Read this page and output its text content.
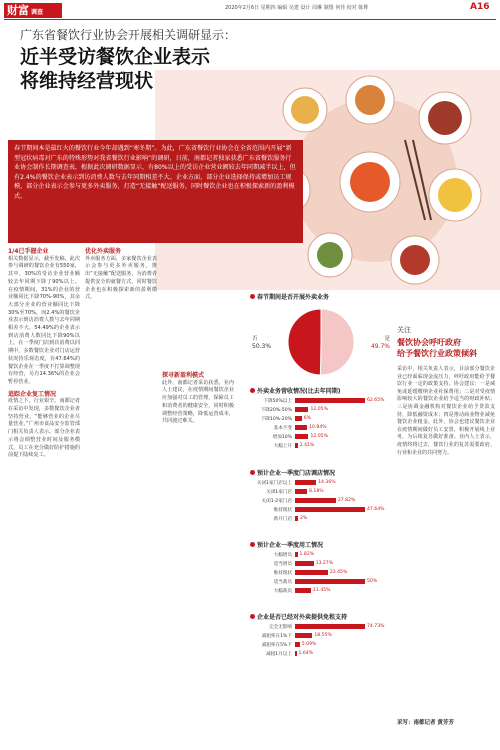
财富 调查
2020年2月6日 星期四 编辑 吴建 设计 周琳 制图 何佳 校对 陈桦	A16
广东省餐饮行业协会开展相关调研显示：
近半受访餐饮企业表示
将维持经营现状
春节期间本是最红火的餐饮行业今年却遇到“寒冬期”。为此，广东省餐饮行业协会在全省范围内开展“新型冠状病毒对广东的特殊形势对我省餐饮行业影响”的调研，日前，南都记者独家获悉广东省餐饮服务行业协会制作长期调查表，根据此次调研数据显示，有80%以上的受访企业营业额较去年同期减半以上，但有2.4%的餐饮企业表示到访消费人数与去年同期相差不大。企业方面，部分企业选择保持或增加员工规模，部分企业表示会参与更多外卖服务，打造“无接触”配送服务，同时餐饮企业也在积极探索新的盈利模式。
1/4已手握企业
相关数据显示，截至发稿，此次参与调研的餐饮企业有550家，其中，30%的受访企业营业额较去年同期下降了90%以上。在疫情期间，31%的企业的营业额同比下降70%-90%，其余大部分企业的营业额同比下降30%至70%，而2.4%的餐饮企业表示到访消费人数与去年同期相差不大。54.49%的企业表示到访消费人数同比下降90%以上，在一季度门店到店消费以同期中，多数餐饮企业对门店运营状况持乐观态度，有47.64%的餐饮企业在一季度不打算调整现有经营，另有14.36%的企业会暂停营业。
追踪企业复工情况
疫情之下，行业艰辛。南都记者在采访中发现，多数餐饮企业者坚持营业，“能够营业的企业尽量营业，”广州市食品安全监管部门相关负责人表示。部分企业表示将会调整营业时间及服务模式，员工在充分做好防护措施的前提下陆续复工。
优化外卖服务
外卖服务方面，多家餐饮企业表示会参与更多外卖服务，推出“无接触”配送服务，为消费者提供安全的就餐方式，同时餐饮企业也在积极探索新的盈利模式。
探寻新盈利模式
此外，南都记者采访获悉，业内人士建议，在疫情期间餐饮企业应加强对员工的管理，保障员工和消费者的健康安全，同时积极调整经营策略，降低运营成本，共同渡过难关。
春节期间是否开展外卖业务
否
50.3%
是
49.7%
外卖业务营收情况(比去年同期)
下降50%以上	62.65%
下降20%-50%	12.05%
下降10%-20%	6%
基本不变	10.84%
增加10%	12.05%
大幅上升 2.41%
预计企业一季度门店调店情况
关闭1家门店以上	14.36%
关闭1家门店	8.18%
关闭1-2家门店	27.82%
维持现状	47.64%
新开门店 2%
预计企业一季度用工情况
大幅增员 1.82%
适当增员	13.27%
维持现状	23.45%
适当裁员	50%
大幅裁员	11.45%
企业是否已经对外卖提供免租支持
完全无影响	74.73%
减租率在1%下	18.55%
减租率在5%下 5.09%
减租1月以上 1.64%
关注
餐饮协会呼吁政府
给予餐饮行业政策倾斜
采访中，相关负责人表示，目前部分餐饮企业已经面临现金流压力，呼吁政府能给予餐饮行业一定的政策支持。协会建议：一是减免或延缓缴纳企业社保费用；二是对受疫情影响较大的餐饮企业给予适当的财政补贴；三是协调金融机构对餐饮企业给予贷款支持，降低融资成本；四是推动商业物业减免餐饮企业租金。此外，协会也建议餐饮企业在疫情期间做好员工安置，积极开展线上业务，为后续复苏做好准备。业内人士表示，疫情终将过去，餐饮行业的复苏需要政府、行业和企业的共同努力。
采写：南都记者 黄芳芳
